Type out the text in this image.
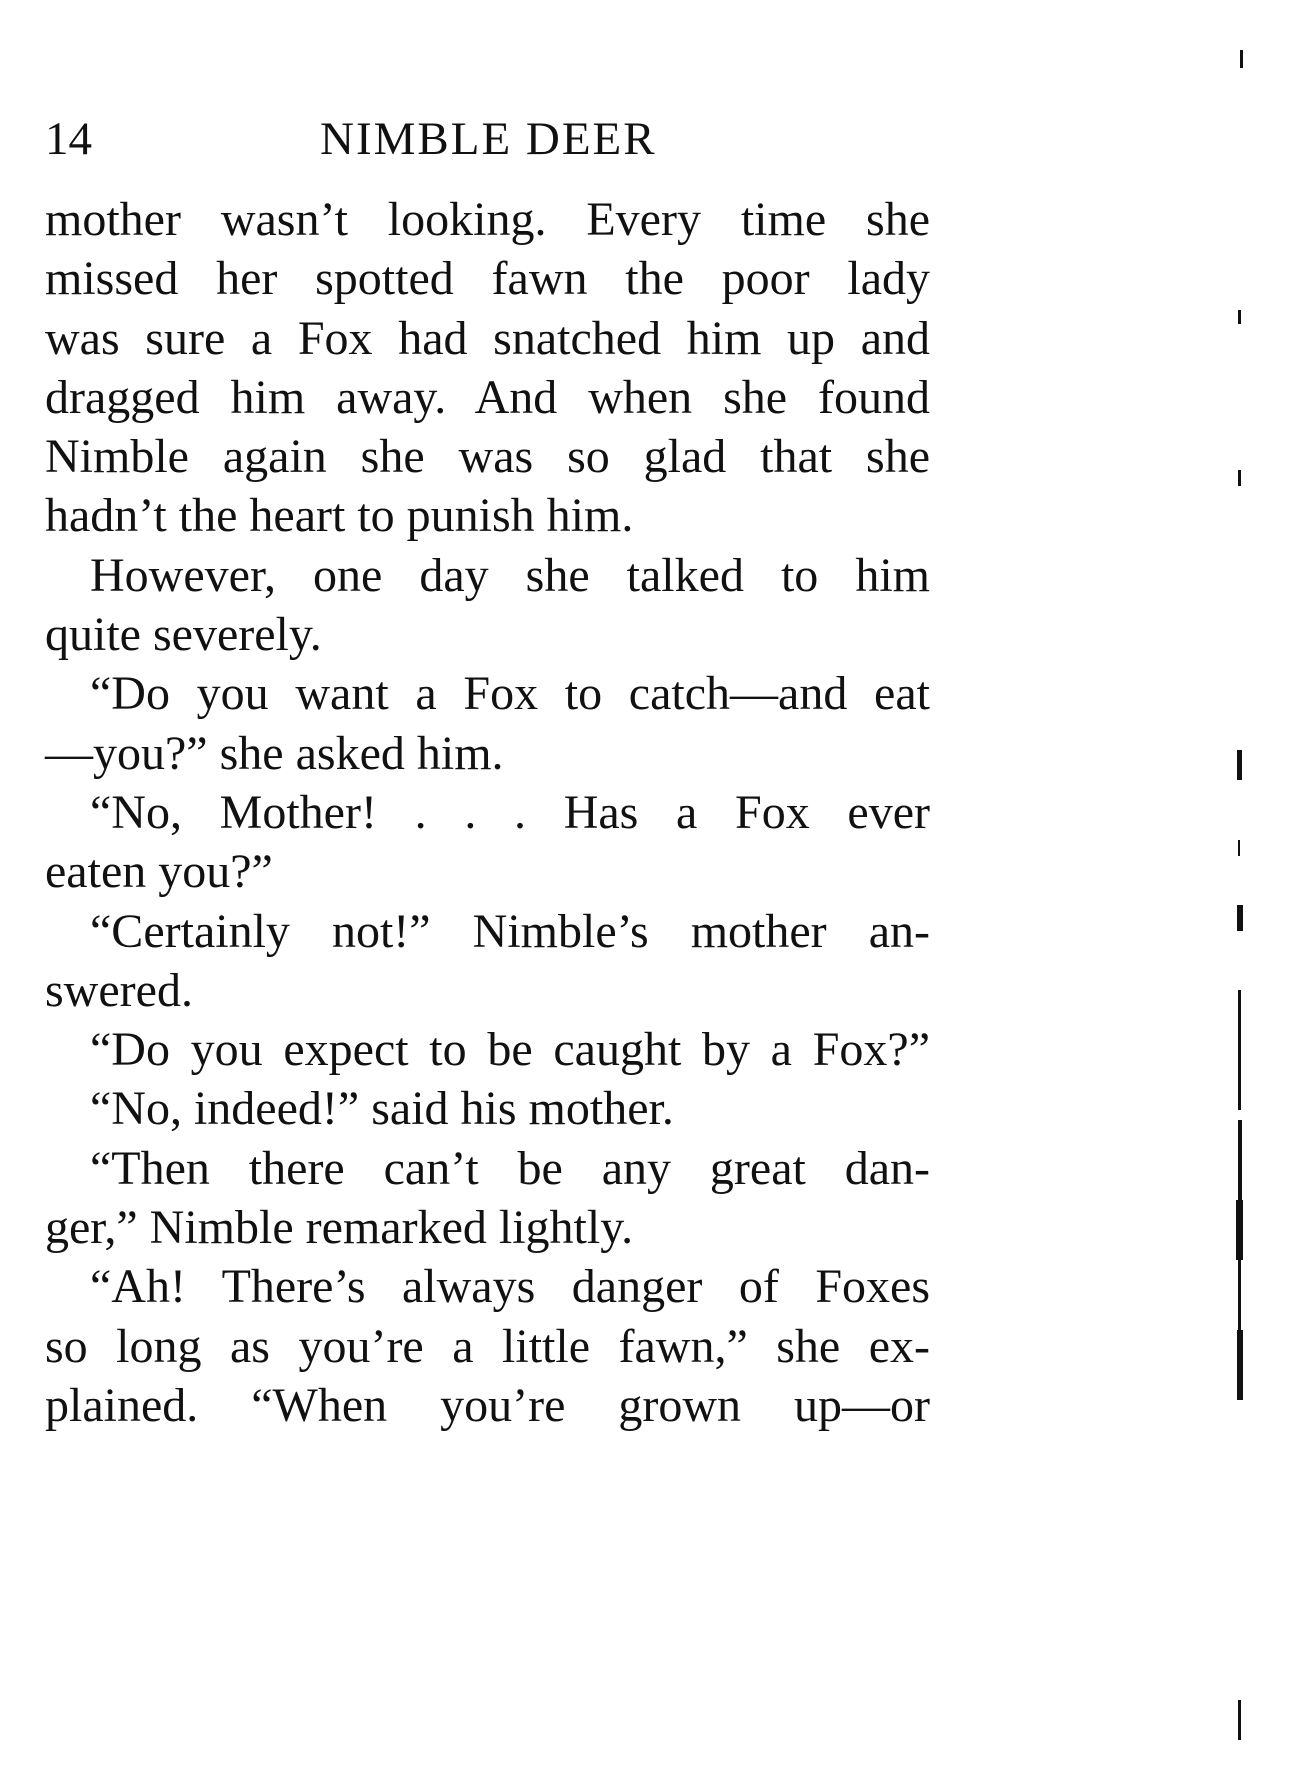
14	NIMBLE DEER
mother wasn’t looking. Every time she
missed her spotted fawn the poor lady
was sure a Fox had snatched him up and
dragged him away. And when she found
Nimble again she was so glad that she
hadn’t the heart to punish him.
However, one day she talked to him
quite severely.
“Do you want a Fox to catch—and eat
—you?” she asked him.
“No, Mother! . . . Has a Fox ever
eaten you?”
“Certainly not!” Nimble’s mother an-
swered.
“Do you expect to be caught by a Fox?”
“No, indeed!” said his mother.
“Then there can’t be any great dan-
ger,” Nimble remarked lightly.
“Ah! There’s always danger of Foxes
so long as you’re a little fawn,” she ex-
plained. “When you’re grown up—or
